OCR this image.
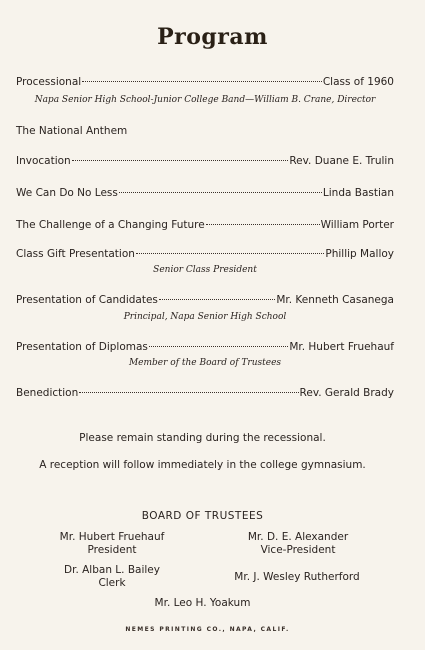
Program
Processional	Class of 1960
Napa Senior High School-Junior College Band—William B. Crane, Director
The National Anthem
Invocation	Rev. Duane E. Trulin
We Can Do No Less	Linda Bastian
The Challenge of a Changing Future	William Porter
Class Gift Presentation	Phillip Malloy
Senior Class President
Presentation of Candidates	Mr. Kenneth Casanega
Principal, Napa Senior High School
Presentation of Diplomas	Mr. Hubert Fruehauf
Member of the Board of Trustees
Benediction	Rev. Gerald Brady
Please remain standing during the recessional.
A reception will follow immediately in the college gymnasium.
BOARD OF TRUSTEES
Mr. Hubert Fruehauf
President
Mr. D. E. Alexander
Vice-President
Dr. Alban L. Bailey
Clerk	Mr. J. Wesley Rutherford
Mr. Leo H. Yoakum
NEMES PRINTING CO., NAPA, CALIF.
